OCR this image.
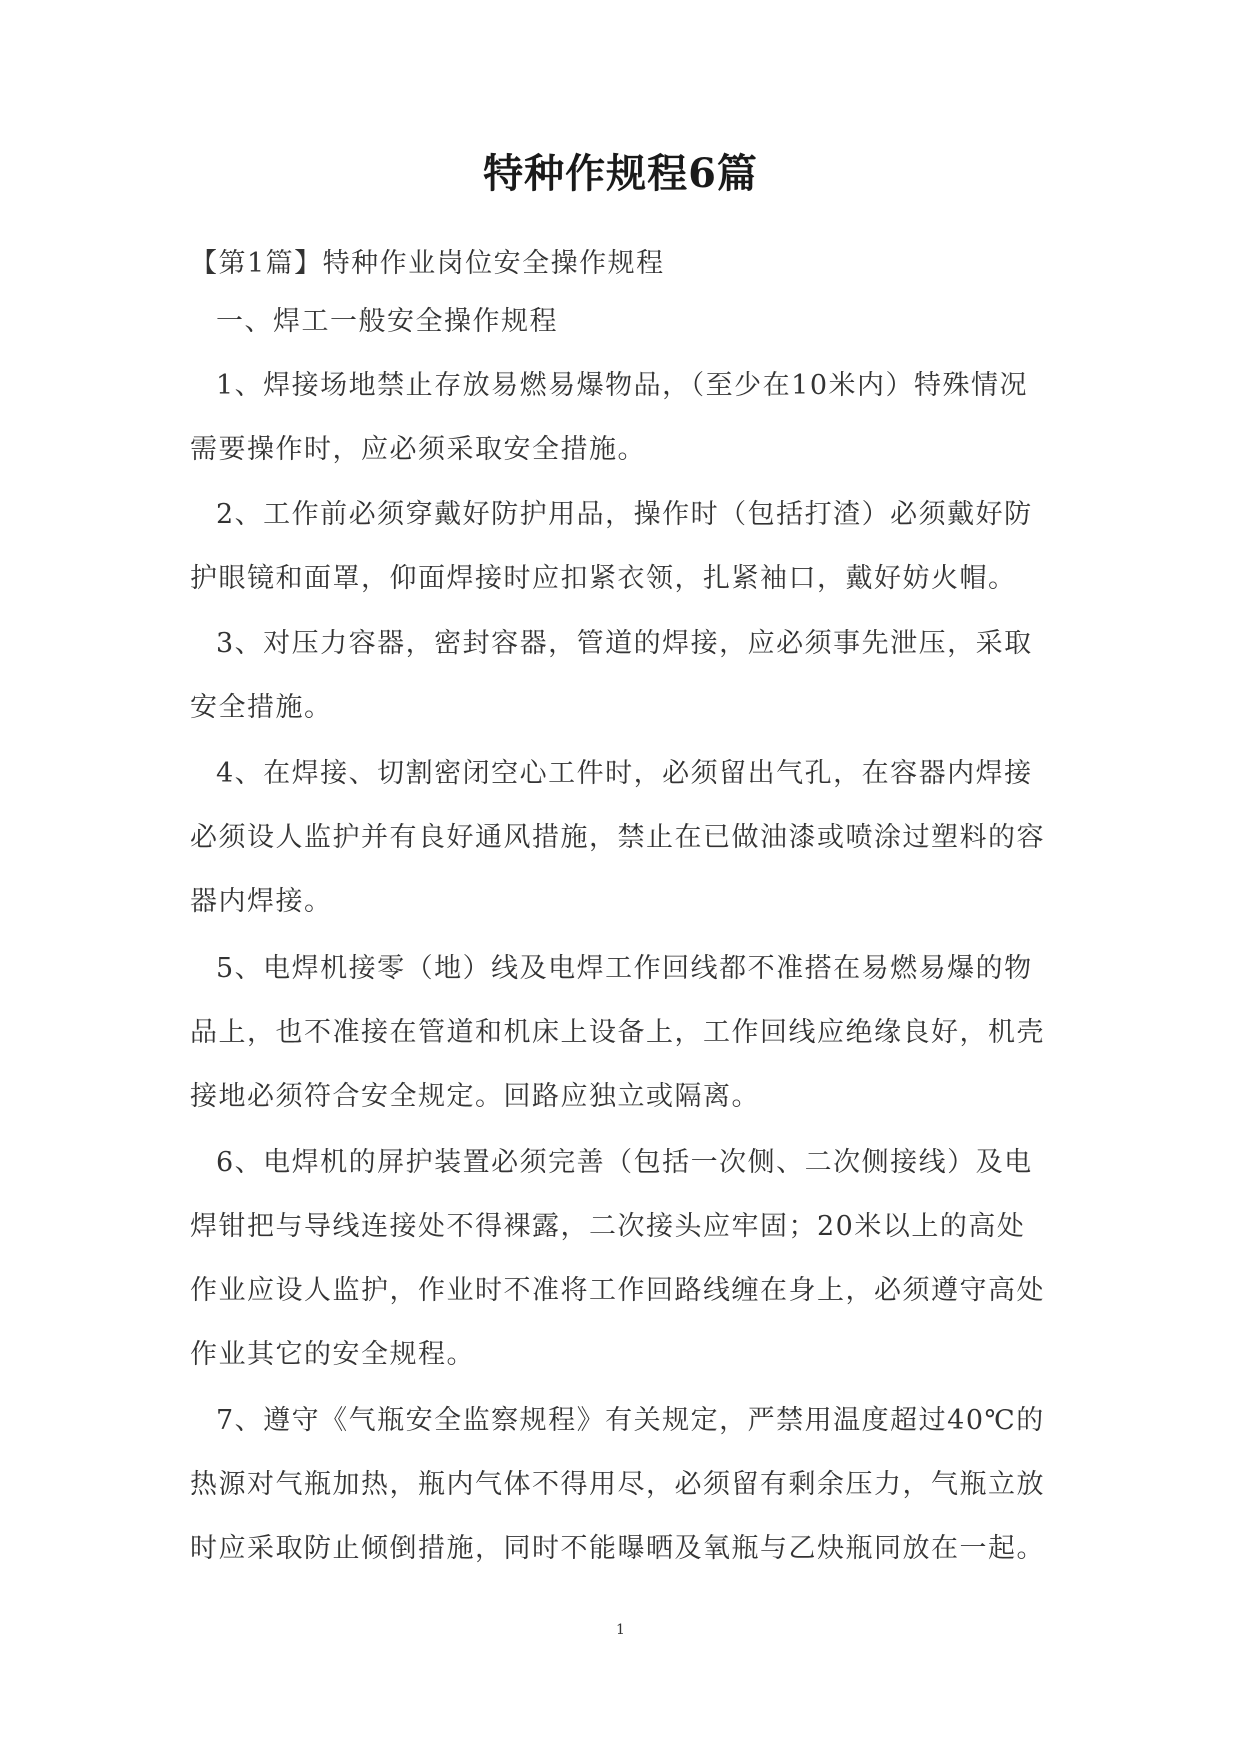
特种作规程6篇
【第1篇】特种作业岗位安全操作规程
一、焊工一般安全操作规程
1、焊接场地禁止存放易燃易爆物品，（至少在10米内）特殊情况
需要操作时，应必须采取安全措施。
2、工作前必须穿戴好防护用品，操作时（包括打渣）必须戴好防
护眼镜和面罩，仰面焊接时应扣紧衣领，扎紧袖口，戴好妨火帽。
3、对压力容器，密封容器，管道的焊接，应必须事先泄压，采取
安全措施。
4、在焊接、切割密闭空心工件时，必须留出气孔，在容器内焊接
必须设人监护并有良好通风措施，禁止在已做油漆或喷涂过塑料的容
器内焊接。
5、电焊机接零（地）线及电焊工作回线都不准搭在易燃易爆的物
品上，也不准接在管道和机床上设备上，工作回线应绝缘良好，机壳
接地必须符合安全规定。回路应独立或隔离。
6、电焊机的屏护装置必须完善（包括一次侧、二次侧接线）及电
焊钳把与导线连接处不得裸露，二次接头应牢固；20米以上的高处
作业应设人监护，作业时不准将工作回路线缠在身上，必须遵守高处
作业其它的安全规程。
7、遵守《气瓶安全监察规程》有关规定，严禁用温度超过40℃的
热源对气瓶加热，瓶内气体不得用尽，必须留有剩余压力，气瓶立放
时应采取防止倾倒措施，同时不能曝晒及氧瓶与乙炔瓶同放在一起。
1
